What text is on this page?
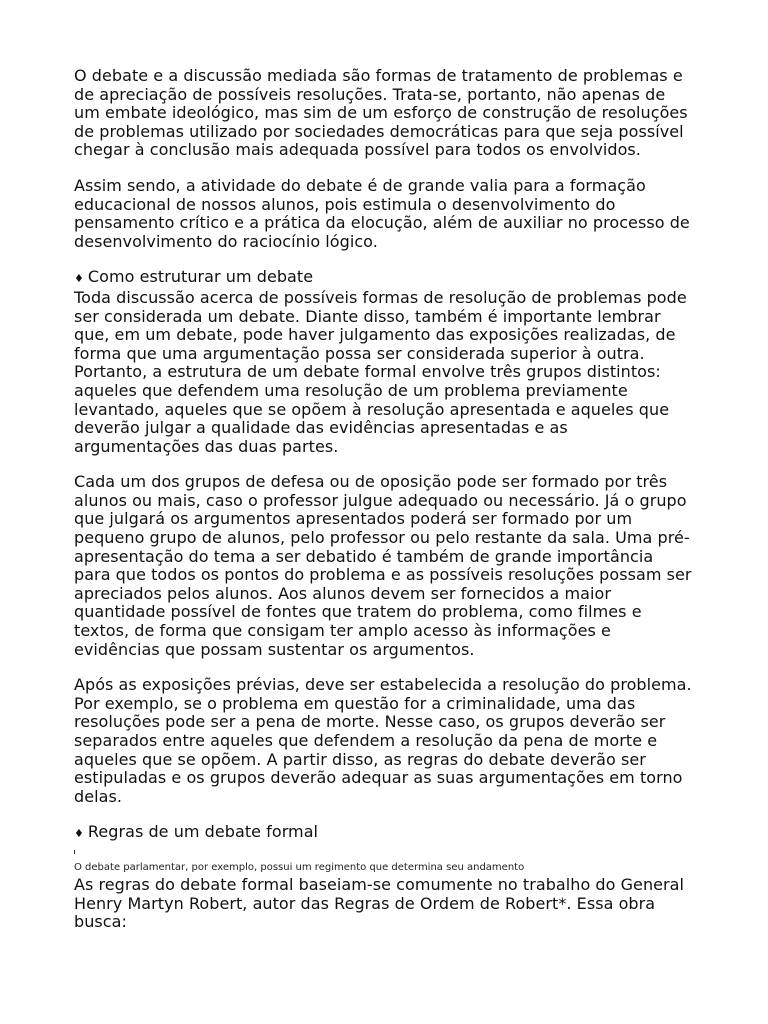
O debate e a discussão mediada são formas de tratamento de problemas e de apreciação de possíveis resoluções. Trata-se, portanto, não apenas de um embate ideológico, mas sim de um esforço de construção de resoluções de problemas utilizado por sociedades democráticas para que seja possível chegar à conclusão mais adequada possível para todos os envolvidos.

Assim sendo, a atividade do debate é de grande valia para a formação educacional de nossos alunos, pois estimula o desenvolvimento do pensamento crítico e a prática da elocução, além de auxiliar no processo de desenvolvimento do raciocínio lógico.

♦ Como estruturar um debate

Toda discussão acerca de possíveis formas de resolução de problemas pode ser considerada um debate. Diante disso, também é importante lembrar que, em um debate, pode haver julgamento das exposições realizadas, de forma que uma argumentação possa ser considerada superior à outra. Portanto, a estrutura de um debate formal envolve três grupos distintos: aqueles que defendem uma resolução de um problema previamente levantado, aqueles que se opõem à resolução apresentada e aqueles que deverão julgar a qualidade das evidências apresentadas e as argumentações das duas partes.

Cada um dos grupos de defesa ou de oposição pode ser formado por três alunos ou mais, caso o professor julgue adequado ou necessário. Já o grupo que julgará os argumentos apresentados poderá ser formado por um pequeno grupo de alunos, pelo professor ou pelo restante da sala. Uma pré-apresentação do tema a ser debatido é também de grande importância para que todos os pontos do problema e as possíveis resoluções possam ser apreciados pelos alunos. Aos alunos devem ser fornecidos a maior quantidade possível de fontes que tratem do problema, como filmes e textos, de forma que consigam ter amplo acesso às informações e evidências que possam sustentar os argumentos.

Após as exposições prévias, deve ser estabelecida a resolução do problema. Por exemplo, se o problema em questão for a criminalidade, uma das resoluções pode ser a pena de morte. Nesse caso, os grupos deverão ser separados entre aqueles que defendem a resolução da pena de morte e aqueles que se opõem. A partir disso, as regras do debate deverão ser estipuladas e os grupos deverão adequar as suas argumentações em torno delas.

♦ Regras de um debate formal
O debate parlamentar, por exemplo, possui um regimento que determina seu andamento

As regras do debate formal baseiam-se comumente no trabalho do General Henry Martyn Robert, autor das Regras de Ordem de Robert*. Essa obra busca:
